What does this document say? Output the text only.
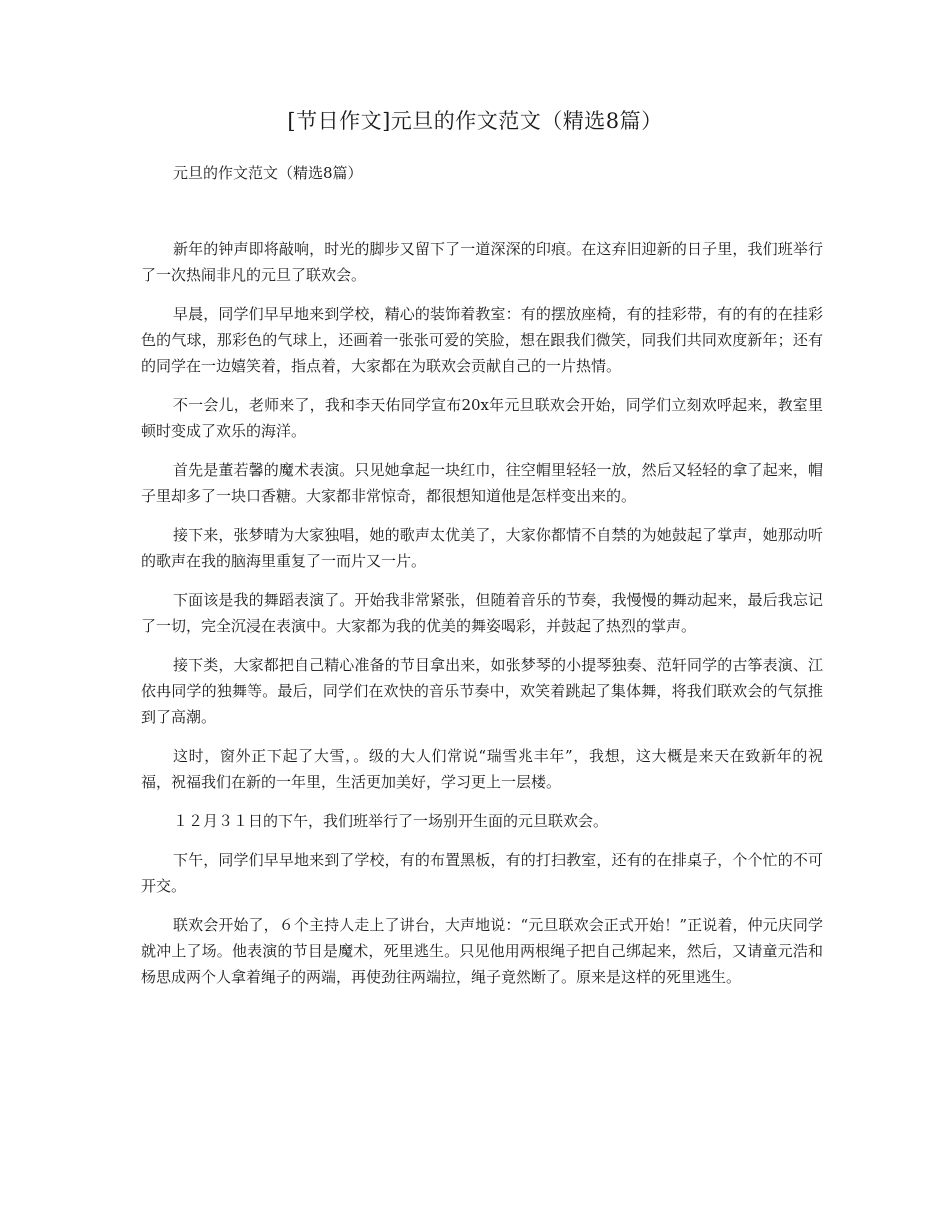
[节日作文]元旦的作文范文（精选8篇）
元旦的作文范文（精选8篇）

新年的钟声即将敲响，时光的脚步又留下了一道深深的印痕。在这弃旧迎新的日子里，我们班举行了一次热闹非凡的元旦了联欢会。

早晨，同学们早早地来到学校，精心的装饰着教室：有的摆放座椅，有的挂彩带，有的有的在挂彩色的气球，那彩色的气球上，还画着一张张可爱的笑脸，想在跟我们微笑，同我们共同欢度新年；还有的同学在一边嬉笑着，指点着，大家都在为联欢会贡献自己的一片热情。

不一会儿，老师来了，我和李天佑同学宣布20x年元旦联欢会开始，同学们立刻欢呼起来，教室里顿时变成了欢乐的海洋。

首先是董若馨的魔术表演。只见她拿起一块红巾，往空帽里轻轻一放，然后又轻轻的拿了起来，帽子里却多了一块口香糖。大家都非常惊奇，都很想知道他是怎样变出来的。

接下来，张梦晴为大家独唱，她的歌声太优美了，大家你都情不自禁的为她鼓起了掌声，她那动听的歌声在我的脑海里重复了一而片又一片。

下面该是我的舞蹈表演了。开始我非常紧张，但随着音乐的节奏，我慢慢的舞动起来，最后我忘记了一切，完全沉浸在表演中。大家都为我的优美的舞姿喝彩，并鼓起了热烈的掌声。

接下类，大家都把自己精心准备的节目拿出来，如张梦琴的小提琴独奏、范轩同学的古筝表演、江依冉同学的独舞等。最后，同学们在欢快的音乐节奏中，欢笑着跳起了集体舞，将我们联欢会的气氛推到了高潮。

这时，窗外正下起了大雪，。级的大人们常说“瑞雪兆丰年”，我想，这大概是来天在致新年的祝福，祝福我们在新的一年里，生活更加美好，学习更上一层楼。

１２月３１日的下午，我们班举行了一场别开生面的元旦联欢会。

下午，同学们早早地来到了学校，有的布置黑板，有的打扫教室，还有的在排桌子，个个忙的不可开交。

联欢会开始了，６个主持人走上了讲台，大声地说：“元旦联欢会正式开始！”正说着，仲元庆同学就冲上了场。他表演的节目是魔术，死里逃生。只见他用两根绳子把自己绑起来，然后，又请童元浩和杨思成两个人拿着绳子的两端，再使劲往两端拉，绳子竟然断了。原来是这样的死里逃生。
